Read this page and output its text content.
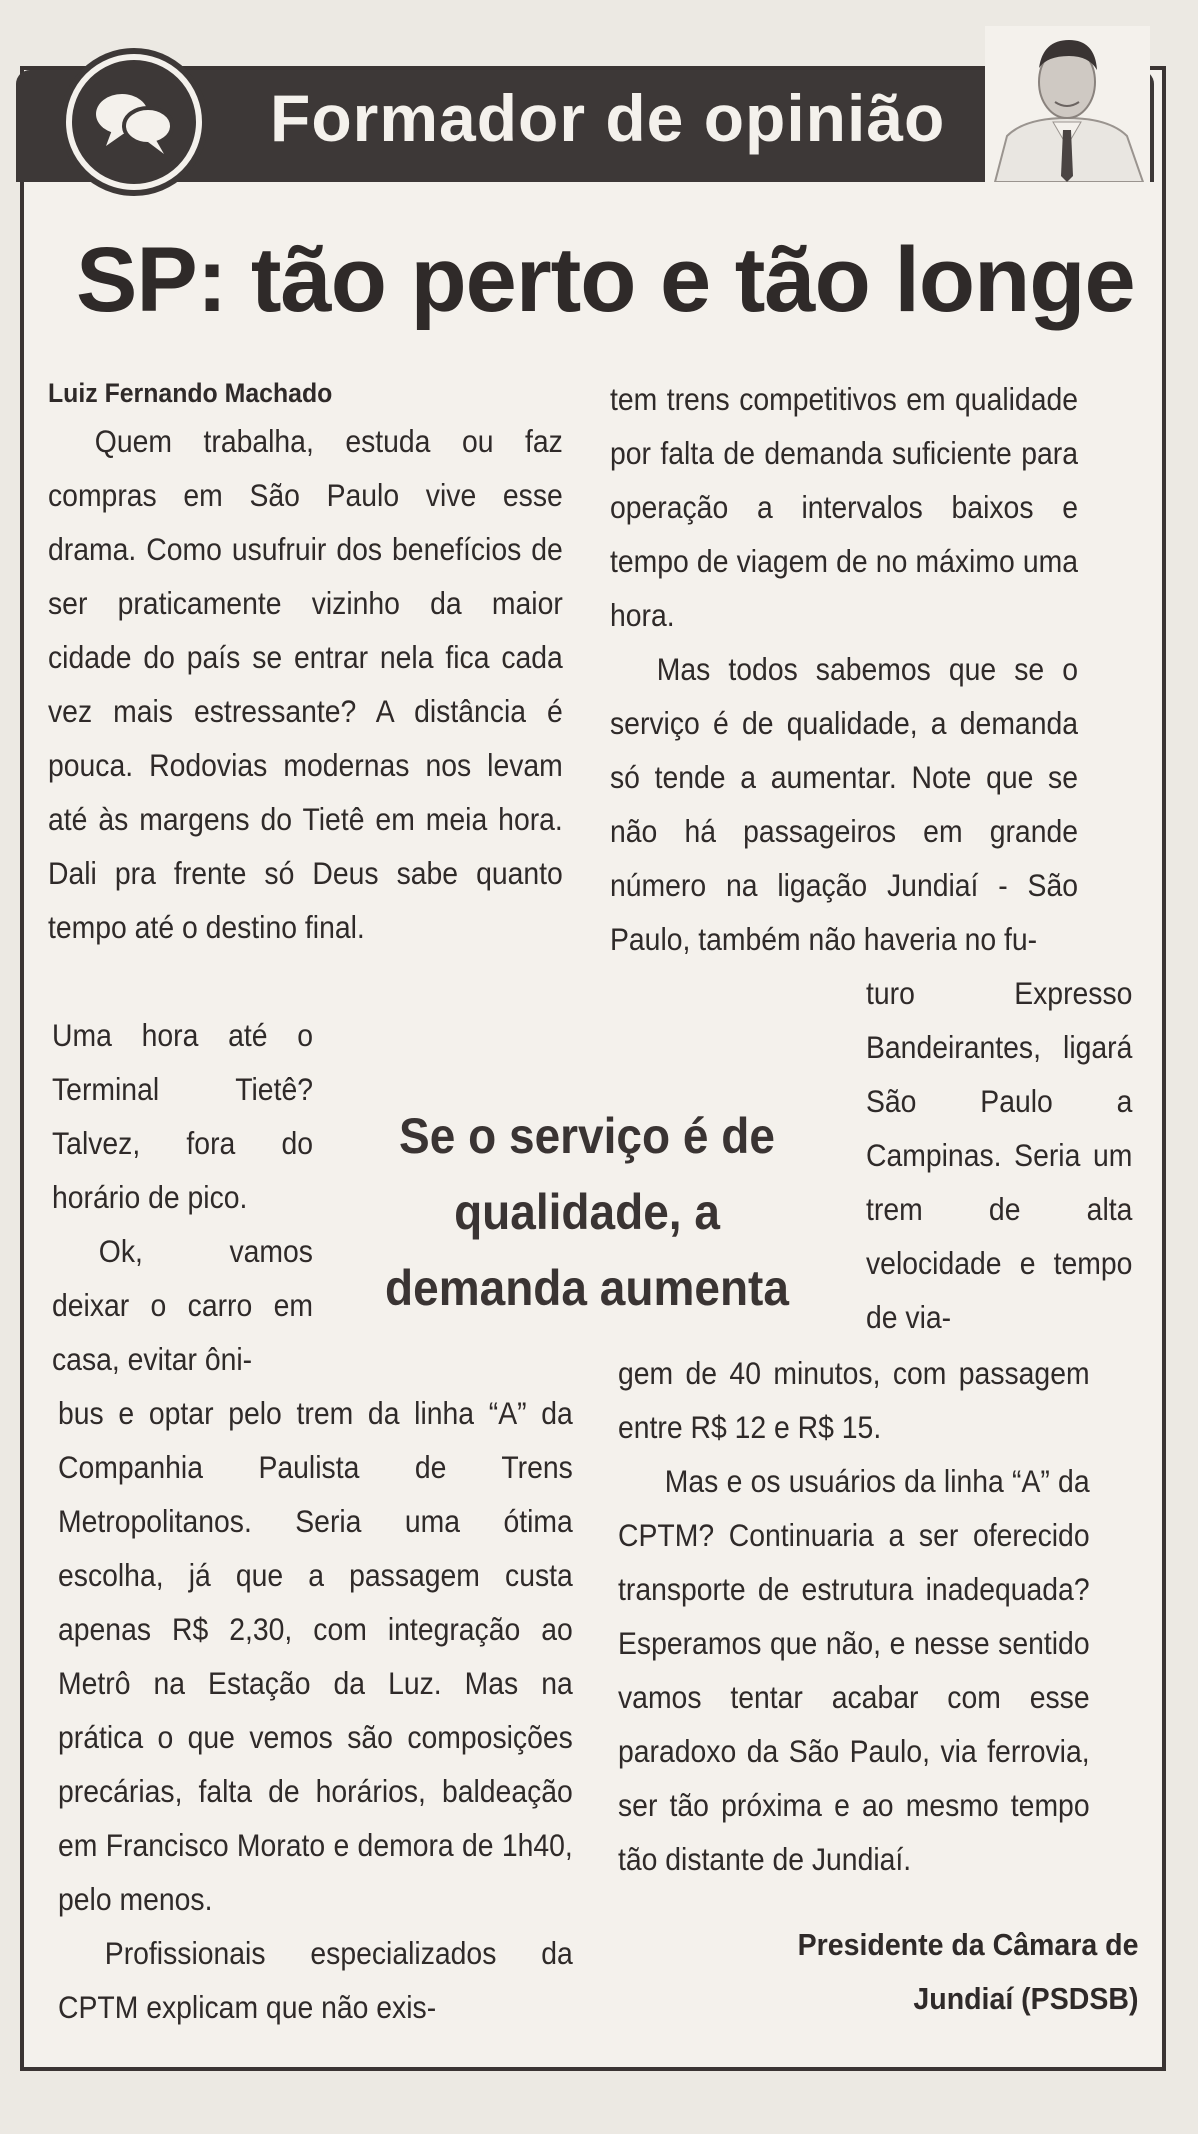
Formador de opinião
SP: tão perto e tão longe
Luiz Fernando Machado

Quem trabalha, estuda ou faz compras em São Paulo vive esse drama. Como usufruir dos benefícios de ser praticamente vizinho da maior cidade do país se entrar nela fica cada vez mais estressante? A distância é pouca. Rodovias modernas nos levam até às margens do Tietê em meia hora. Dali pra frente só Deus sabe quanto tempo até o destino final.

Uma hora até o Terminal Tietê? Talvez, fora do horário de pico.

Ok, vamos deixar o carro em casa, evitar ôni-

bus e optar pelo trem da linha “A” da Companhia Paulista de Trens Metropolitanos. Seria uma ótima escolha, já que a passagem custa apenas R$ 2,30, com integração ao Metrô na Estação da Luz. Mas na prática o que vemos são composições precárias, falta de horários, baldeação em Francisco Morato e demora de 1h40, pelo menos.

Profissionais especializados da CPTM explicam que não exis-

tem trens competitivos em qualidade por falta de demanda suficiente para operação a intervalos baixos e tempo de viagem de no máximo uma hora.

Mas todos sabemos que se o serviço é de qualidade, a demanda só tende a aumentar. Note que se não há passageiros em grande número na ligação Jundiaí - São Paulo, também não haveria no fu-

turo Expresso Bandeirantes, ligará São Paulo a Campinas. Seria um trem de alta velocidade e tempo de via-

gem de 40 minutos, com passagem entre R$ 12 e R$ 15.

Mas e os usuários da linha “A” da CPTM? Continuaria a ser oferecido transporte de estrutura inadequada? Esperamos que não, e nesse sentido vamos tentar acabar com esse paradoxo da São Paulo, via ferrovia, ser tão próxima e ao mesmo tempo tão distante de Jundiaí.

Se o serviço é de qualidade, a demanda aumenta
Presidente da Câmara de
Jundiaí (PSDSB)
